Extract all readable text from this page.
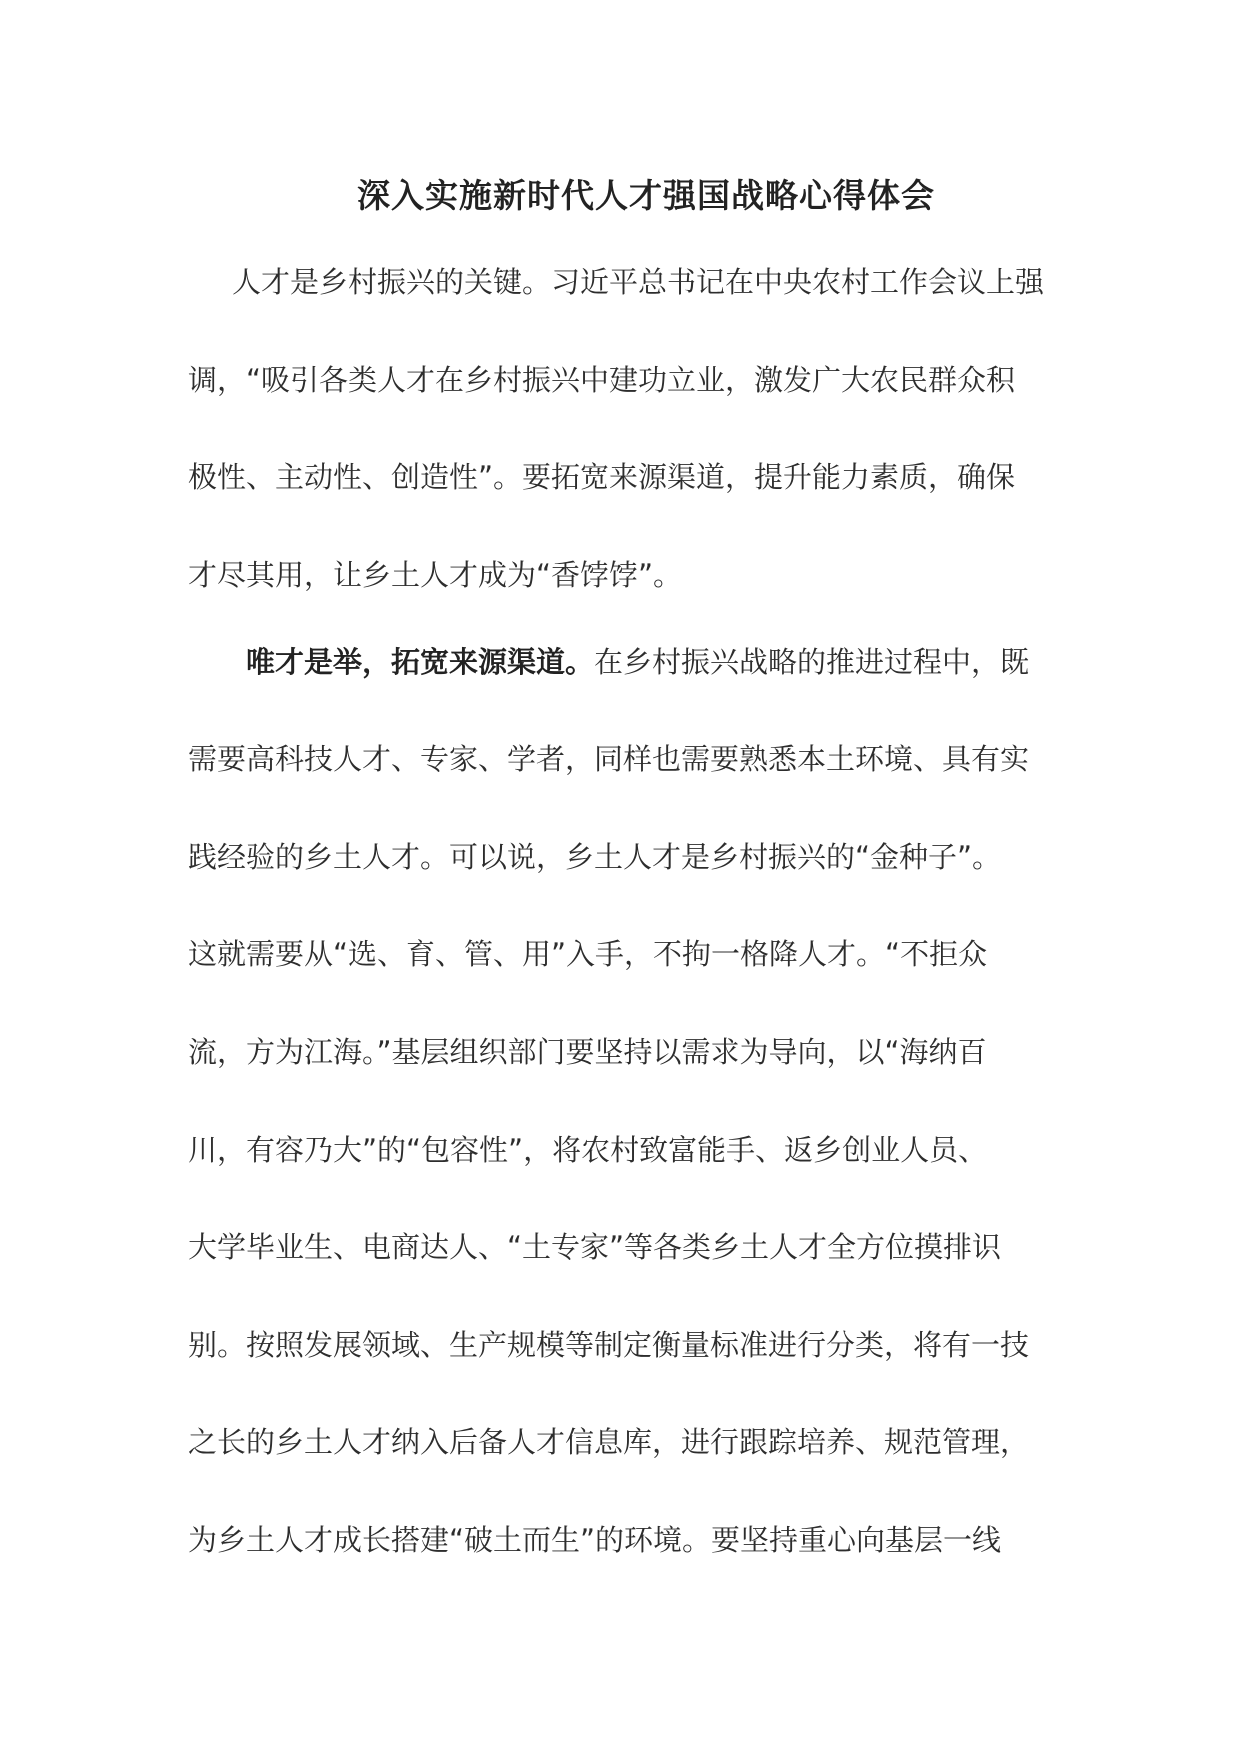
深入实施新时代人才强国战略心得体会
人才是乡村振兴的关键。习近平总书记在中央农村工作会议上强
调，“吸引各类人才在乡村振兴中建功立业，激发广大农民群众积
极性、主动性、创造性”。要拓宽来源渠道，提升能力素质，确保
才尽其用，让乡土人才成为“香饽饽”。
唯才是举，拓宽来源渠道。在乡村振兴战略的推进过程中，既
需要高科技人才、专家、学者，同样也需要熟悉本土环境、具有实
践经验的乡土人才。可以说，乡土人才是乡村振兴的“金种子”。
这就需要从“选、育、管、用”入手，不拘一格降人才。“不拒众
流，方为江海。”基层组织部门要坚持以需求为导向，以“海纳百
川，有容乃大”的“包容性”，将农村致富能手、返乡创业人员、
大学毕业生、电商达人、“土专家”等各类乡土人才全方位摸排识
别。按照发展领域、生产规模等制定衡量标准进行分类，将有一技
之长的乡土人才纳入后备人才信息库，进行跟踪培养、规范管理，
为乡土人才成长搭建“破土而生”的环境。要坚持重心向基层一线
